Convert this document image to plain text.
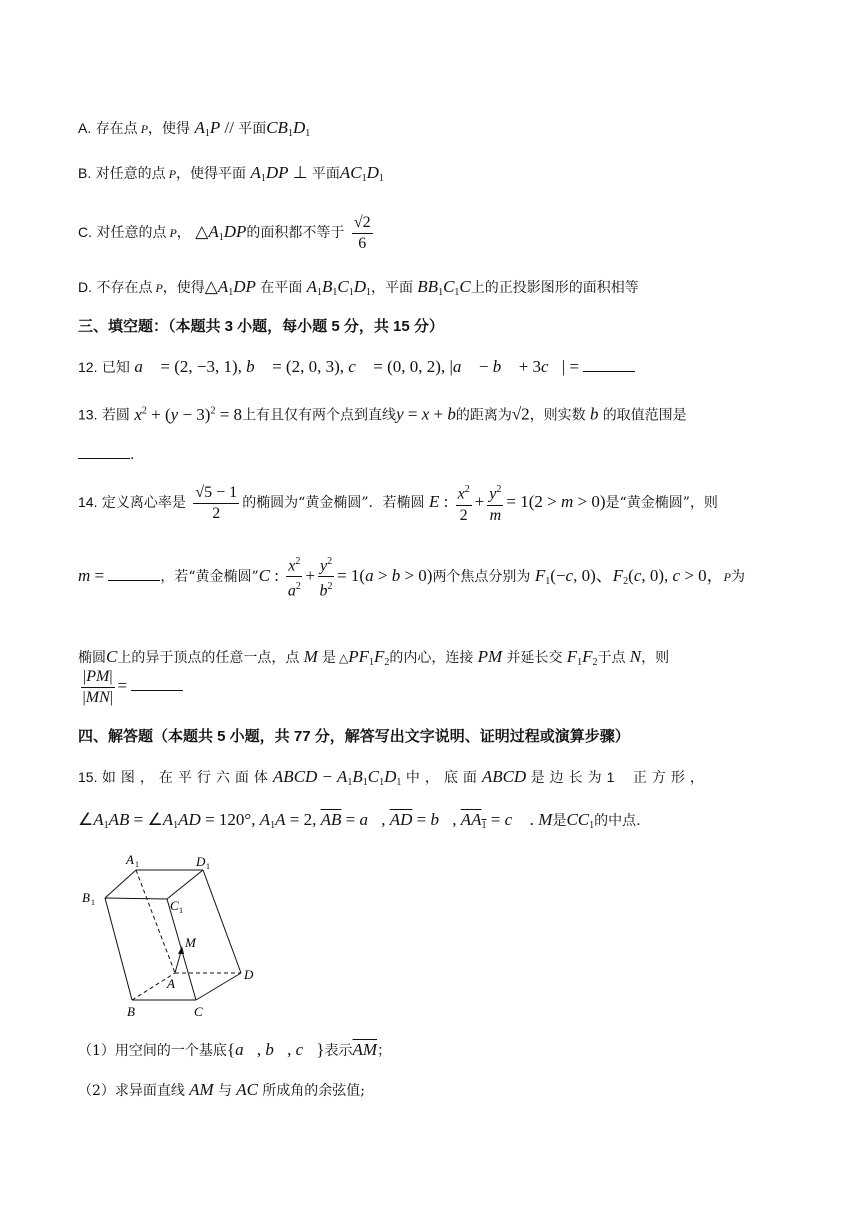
A. 存在点 P，使得 $A_1P$ // 平面$CB_1D_1$
B. 对任意的点 P，使得平面 $A_1DP$ ⊥ 平面$AC_1D_1$
C. 对任意的点 P， $\triangle A_1DP$的面积都不等于 $\frac{√2}{6}$
D. 不存在点 P，使得$\triangle A_1DP$ 在平面 $A_1B_1C_1D_1$，平面 $BB_1C_1C$上的正投影图形的面积相等
三、填空题：（本题共 3 小题，每小题 5 分，共 15 分）
12. 已知 a⃗ = (2, −3, 1), b⃗ = (2, 0, 3), c⃗ = (0, 0, 2), |a⃗ − b⃗ + 3c⃗| =
13. 若圆 $x^2 + (y - 3)^2 = 8$上有且仅有两个点到直线y = x + b的距离为√2，则实数 b 的取值范围是
.
14. 定义离心率是 $\frac{√5 - 1}{2}$ 的椭圆为“黄金椭圆”．若椭圆 E : $\frac{x^2}{2} + \frac{y^2}{m} = 1(2 > m > 0)$是“黄金椭圆”，则
m =	，若“黄金椭圆”C : $\frac{x^2}{a^2} + \frac{y^2}{b^2} = 1(a > b > 0)$两个焦点分别为 $F_1(-c$, 0)、$F_2(c$, 0), c > 0，P为
椭圆C上的异于顶点的任意一点，点 M 是 $\triangle PF_1F_2$的内心，连接 PM 并延长交 $F_1F_2$于点 N，则
$\frac{|PM|}{|MN|}$ =
四、解答题（本题共 5 小题，共 77 分，解答写出文字说明、证明过程或演算步骤）
15. 如图，在平行六面体ABCD − $A_1B_1C_1D_1$ 中，底面ABCD 是边长为1 正方形，
$\angle A_1AB$ = $\angle A_1AD = 120^\circ$, $A_1A = 2$, $\overline{AB}$ = a⃗, $\overline{AD}$ = b⃗, $AA_1$ = c⃗ . M是$CC_1$的中点.
A 1	D 1
B 1	C 1
M
A
D
B	C
（1）用空间的一个基底{a⃗, b⃗, c⃗}表示$\overline{AM}$；
（2）求异面直线 AM 与 AC 所成角的余弦值;
